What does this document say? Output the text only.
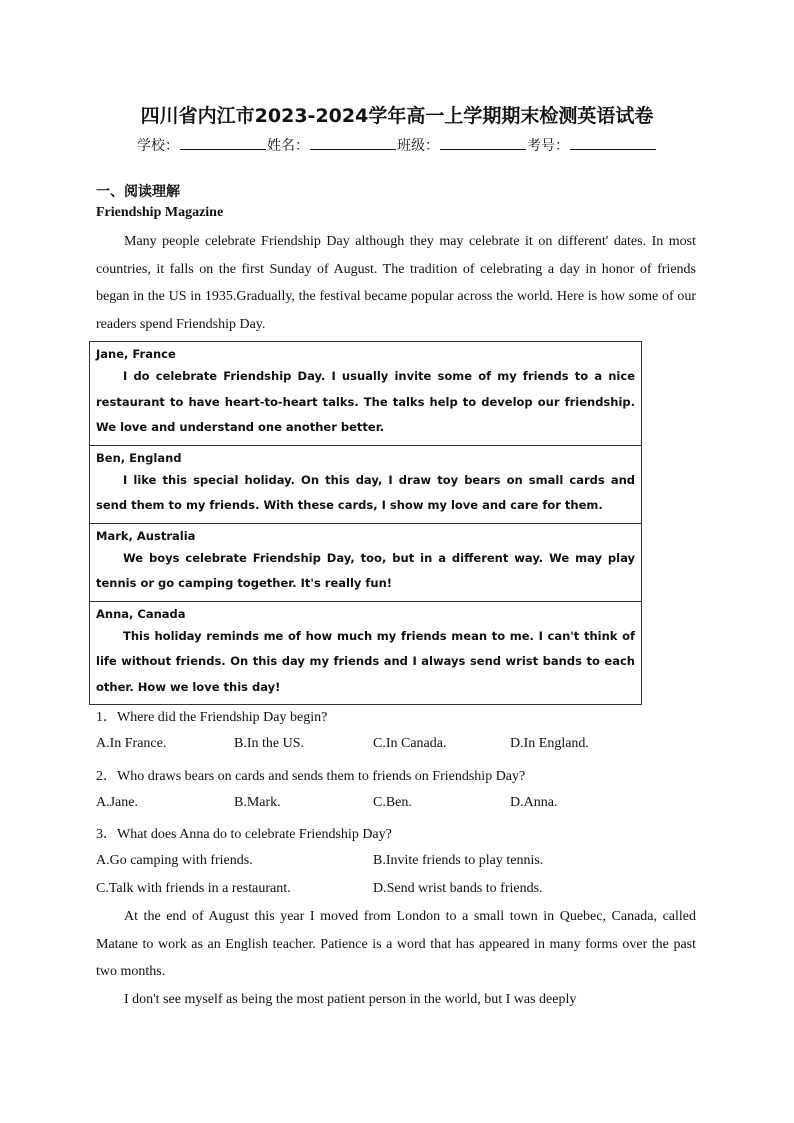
四川省内江市2023-2024学年高一上学期期末检测英语试卷
学校：	姓名：	班级：	考号：
一、阅读理解
Friendship Magazine
Many people celebrate Friendship Day although they may celebrate it on different' dates. In most countries, it falls on the first Sunday of August. The tradition of celebrating a day in honor of friends began in the US in 1935.Gradually, the festival became popular across the world. Here is how some of our readers spend Friendship Day.
Jane, France
I do celebrate Friendship Day. I usually invite some of my friends to a nice restaurant to have heart-to-heart talks. The talks help to develop our friendship. We love and understand one another better.

Ben, England
I like this special holiday. On this day, I draw toy bears on small cards and send them to my friends. With these cards, I show my love and care for them.

Mark, Australia
We boys celebrate Friendship Day, too, but in a different way. We may play tennis or go camping together. It's really fun!

Anna, Canada
This holiday reminds me of how much my friends mean to me. I can't think of life without friends. On this day my friends and I always send wrist bands to each other. How we love this day!
1．Where did the Friendship Day begin?
A.In France.	B.In the US.	C.In Canada.	D.In England.
2．Who draws bears on cards and sends them to friends on Friendship Day?
A.Jane.	B.Mark.	C.Ben.	D.Anna.
3．What does Anna do to celebrate Friendship Day?
A.Go camping with friends.	B.Invite friends to play tennis.
C.Talk with friends in a restaurant.	D.Send wrist bands to friends.
At the end of August this year I moved from London to a small town in Quebec, Canada, called Matane to work as an English teacher. Patience is a word that has appeared in many forms over the past two months.
I don't see myself as being the most patient person in the world, but I was deeply
